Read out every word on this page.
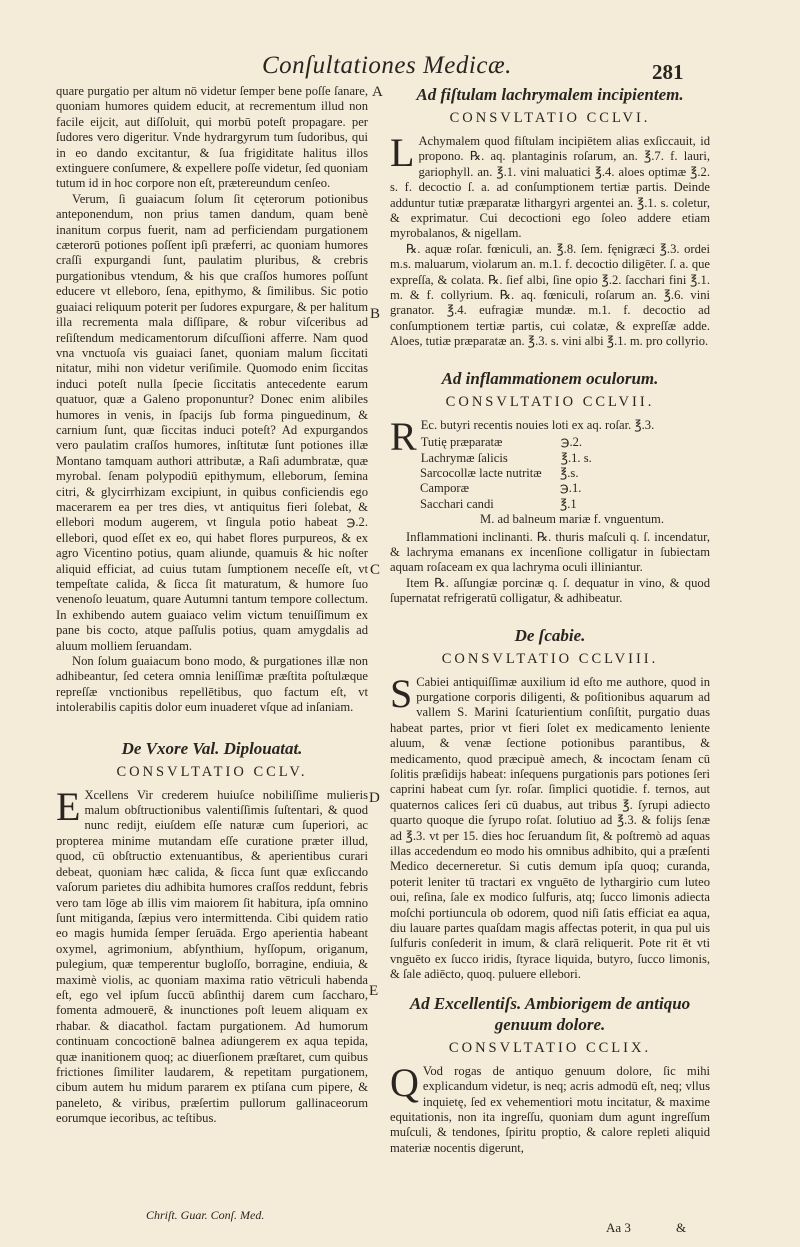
Conſultationes Medicæ.	281
A
B
C
D
E

quare purgatio per altum nō videtur ſemper bene poſſe ſanare, quoniam humores quidem educit, at recrementum illud non facile eijcit, aut diſſoluit, qui morbū poteſt propagare. per ſudores vero digeritur. Vnde hydrargyrum tum ſudoribus, qui in eo dando excitantur, & ſua frigiditate halitus illos extinguere conſumere, & expellere poſſe videtur, ſed quoniam tutum id in hoc corpore non eſt, prætereundum cenſeo.

Verum, ſi guaiacum ſolum ſit cęterorum potionibus anteponendum, non prius tamen dandum, quam benè inanitum corpus fuerit, nam ad perficiendam purgationem cæterorū potiones poſſent ipſi præferri, ac quoniam humores craſſi expurgandi ſunt, paulatim pluribus, & crebris purgationibus vtendum, & his que craſſos humores poſſunt educere vt elleboro, ſena, epithymo, & ſimilibus. Sic potio guaiaci reliquum poterit per ſudores expurgare, & per halitum illa recrementa mala diſſipare, & robur viſceribus ad reſiſtendum medicamentorum diſcuſſioni afferre. Nam quod vna vnctuoſa vis guaiaci ſanet, quoniam malum ſiccitati nitatur, mihi non videtur veriſimile. Quomodo enim ſiccitas induci poteſt nulla ſpecie ſiccitatis antecedente earum quatuor, quæ a Galeno proponuntur? Donec enim alibiles humores in venis, in ſpacijs ſub forma pinguedinum, & carnium ſunt, quæ ſiccitas induci poteſt? Ad expurgandos vero paulatim craſſos humores, inſtitutæ ſunt potiones illæ Montano tamquam authori attributæ, a Raſi adumbratæ, quæ myrobal. ſenam polypodiū epithymum, elleborum, ſemina citri, & glycirrhizam excipiunt, in quibus conficiendis ego macerarem ea per tres dies, vt antiquitus fieri ſolebat, & ellebori modum augerem, vt ſingula potio habeat ℈.2. ellebori, quod eſſet ex eo, qui habet flores purpureos, & ex agro Vicentino potius, quam aliunde, quamuis & hic noſter aliquid efficiat, ad cuius tutam ſumptionem neceſſe eſt, vt tempeſtate calida, & ſicca ſit maturatum, & humore ſuo venenoſo leuatum, quare Autumni tantum tempore collectum. In exhibendo autem guaiaco velim victum tenuiſſimum ex pane bis cocto, atque paſſulis potius, quam amygdalis ad aluum molliem ſeruandam.

Non ſolum guaiacum bono modo, & purgationes illæ non adhibeantur, ſed cetera omnia leniſſimæ præſtita poſtulæque repreſſæ vnctionibus repellētibus, quo factum eſt, vt intolerabilis capitis dolor eum inuaderet vſque ad inſaniam.

De Vxore Val. Diplouatat.
CONSVLTATIO CCLV.

E Xcellens Vir crederem huiuſce nobiliſſime mulieris malum obſtructionibus valentiſſimis ſuſtentari, & quod nunc redijt, eiuſdem eſſe naturæ cum ſuperiori, ac propterea minime mutandam eſſe curatione præter illud, quod, cū obſtructio extenuantibus, & aperientibus curari debeat, quoniam hæc calida, & ſicca ſunt quæ exſiccando vaſorum parietes diu adhibita humores craſſos reddunt, febris vero tam lōge ab illis vim maiorem ſit habitura, ipſa omnino ſunt mitiganda, ſæpius vero intermittenda. Cibi quidem ratio eo magis humida ſemper ſeruāda. Ergo aperientia habeant oxymel, agrimonium, abſynthium, hyſſopum, origanum, pulegium, quæ temperentur bugloſſo, borragine, endiuia, & maximè violis, ac quoniam maxima ratio vētriculi habenda eſt, ego vel ipſum ſuccū abſinthij darem cum ſaccharo, fomenta admouerē, & inunctiones poſt leuem aliquam ex rhabar. & diacathol. factam purgationem. Ad humorum continuam concoctionē balnea adiungerem ex aqua tepida, quæ inanitionem quoq; ac diuerſionem præſtaret, cum quibus frictiones ſimiliter laudarem, & repetitam purgationem, cibum autem hu midum pararem ex ptiſana cum pipere, & paneleto, & viribus, præſertim pullorum gallinaceorum eorumque iecoribus, ac teſtibus.

Chriſt. Guar. Conſ. Med.
Ad fiſtulam lachrymalem incipientem.
CONSVLTATIO CCLVI.

L Achymalem quod fiſtulam incipiētem alias exſiccauit, id propono. ℞. aq. plantaginis roſarum, an. ℥.7. f. lauri, gariophyll. an. ℥.1. vini maluatici ℥.4. aloes optimæ ℥.2. s. f. decoctio ſ. a. ad conſumptionem tertiæ partis. Deinde adduntur tutiæ præparatæ lithargyri argentei an. ℥.1. s. coletur, & exprimatur. Cui decoctioni ego ſoleo addere etiam myrobalanos, & nigellam.

℞. aquæ roſar. fœniculi, an. ℥.8. ſem. fęnigræci ℥.3. ordei m.s. maluarum, violarum an. m.1. f. decoctio diligēter. ſ. a. que expreſſa, & colata. ℞. ſief albi, ſine opio ℥.2. ſacchari fini ℥.1. m. & f. collyrium. ℞. aq. fœniculi, roſarum an. ℥.6. vini granator. ℥.4. eufragiæ mundæ. m.1. f. decoctio ad conſumptionem tertiæ partis, cui colatæ, & expreſſæ adde. Aloes, tutiæ præparatæ an. ℥.3. s. vini albi ℥.1. m. pro collyrio.

Ad inflammationem oculorum.
CONSVLTATIO CCLVII.

R Ec. butyri recentis nouies loti ex aq. roſar. ℥.3.

Tutię præparatæ	℈.2.
Lachrymæ ſalicis	℥.1. s.
Sarcocollæ lacte nutritæ	℥.s.
Camporæ	℈.1.
Sacchari candi	℥.1
M. ad balneum mariæ f. vnguentum.

Inflammationi inclinanti. ℞. thuris maſculi q. ſ. incendatur, & lachryma emanans ex incenſione colligatur in ſubiectam aquam roſaceam ex qua lachryma oculi illiniantur.

Item ℞. aſſungiæ porcinæ q. ſ. dequatur in vino, & quod ſupernatat refrigeratū colligatur, & adhibeatur.

De ſcabie.
CONSVLTATIO CCLVIII.

S Cabiei antiquiſſimæ auxilium id eſto me authore, quod in purgatione corporis diligenti, & poſitionibus aquarum ad vallem S. Marini ſcaturientium conſiſtit, purgatio duas habeat partes, prior vt fieri ſolet ex medicamento leniente aluum, & venæ ſectione potionibus parantibus, & medicamento, quod præcipuè amech, & incoctam ſenam cū ſolitis præſidijs habeat: inſequens purgationis pars potiones ſeri caprini habeat cum ſyr. roſar. ſimplici quotidie. f. ternos, aut quaternos calices ſeri cū duabus, aut tribus ℥. ſyrupi adiecto quarto quoque die ſyrupo roſat. ſolutiuo ad ℥.3. & folijs ſenæ ad ℥.3. vt per 15. dies hoc ſeruandum ſit, & poſtremò ad aquas illas accedendum eo modo his omnibus adhibito, qui a præſenti Medico decerneretur. Si cutis demum ipſa quoq; curanda, poterit leniter tū tractari ex vnguēto de lythargirio cum luteo oui, reſina, ſale ex modico ſulfuris, atq; ſucco limonis adiecta moſchi portiuncula ob odorem, quod niſi ſatis efficiat ea aqua, diu lauare partes quaſdam magis affectas poterit, in qua pul uis ſulfuris conſederit in imum, & clarā reliquerit. Pote rit ēt vti vnguēto ex ſucco iridis, ſtyrace liquida, butyro, ſucco limonis, & ſale adiēcto, quoq. puluere ellebori.

Ad Excellentiſs. Ambiorigem de antiquo genuum dolore.
CONSVLTATIO CCLIX.

Q Vod rogas de antiquo genuum dolore, ſic mihi explicandum videtur, is neq; acris admodū eſt, neq; vllus inquietę, ſed ex vehementiori motu incitatur, & maxime equitationis, non ita ingreſſu, quoniam dum agunt ingreſſum muſculi, & tendones, ſpiritu proptio, & calore repleti aliquid materiæ nocentis digerunt,

Aa 3	&
